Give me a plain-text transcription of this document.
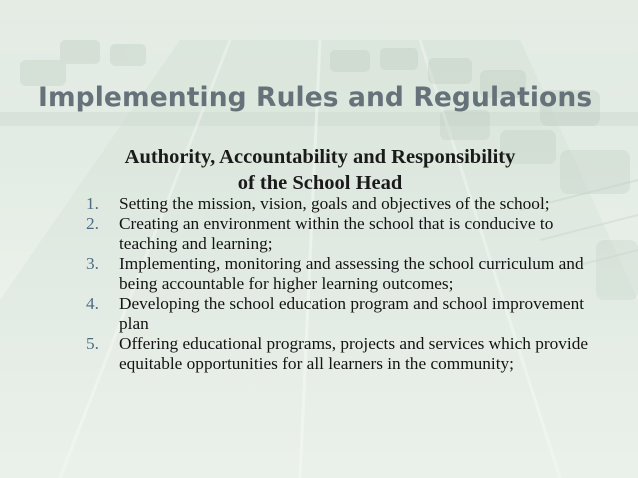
Implementing Rules and Regulations
Authority, Accountability and Responsibility
of the School Head
1. Setting the mission, vision, goals and objectives of the school;
2. Creating an environment within the school that is conducive to teaching and learning;
3. Implementing, monitoring and assessing the school curriculum and being accountable for higher learning outcomes;
4. Developing the school education program and school improvement plan
5. Offering educational programs, projects and services which provide equitable opportunities for all learners in the community;
